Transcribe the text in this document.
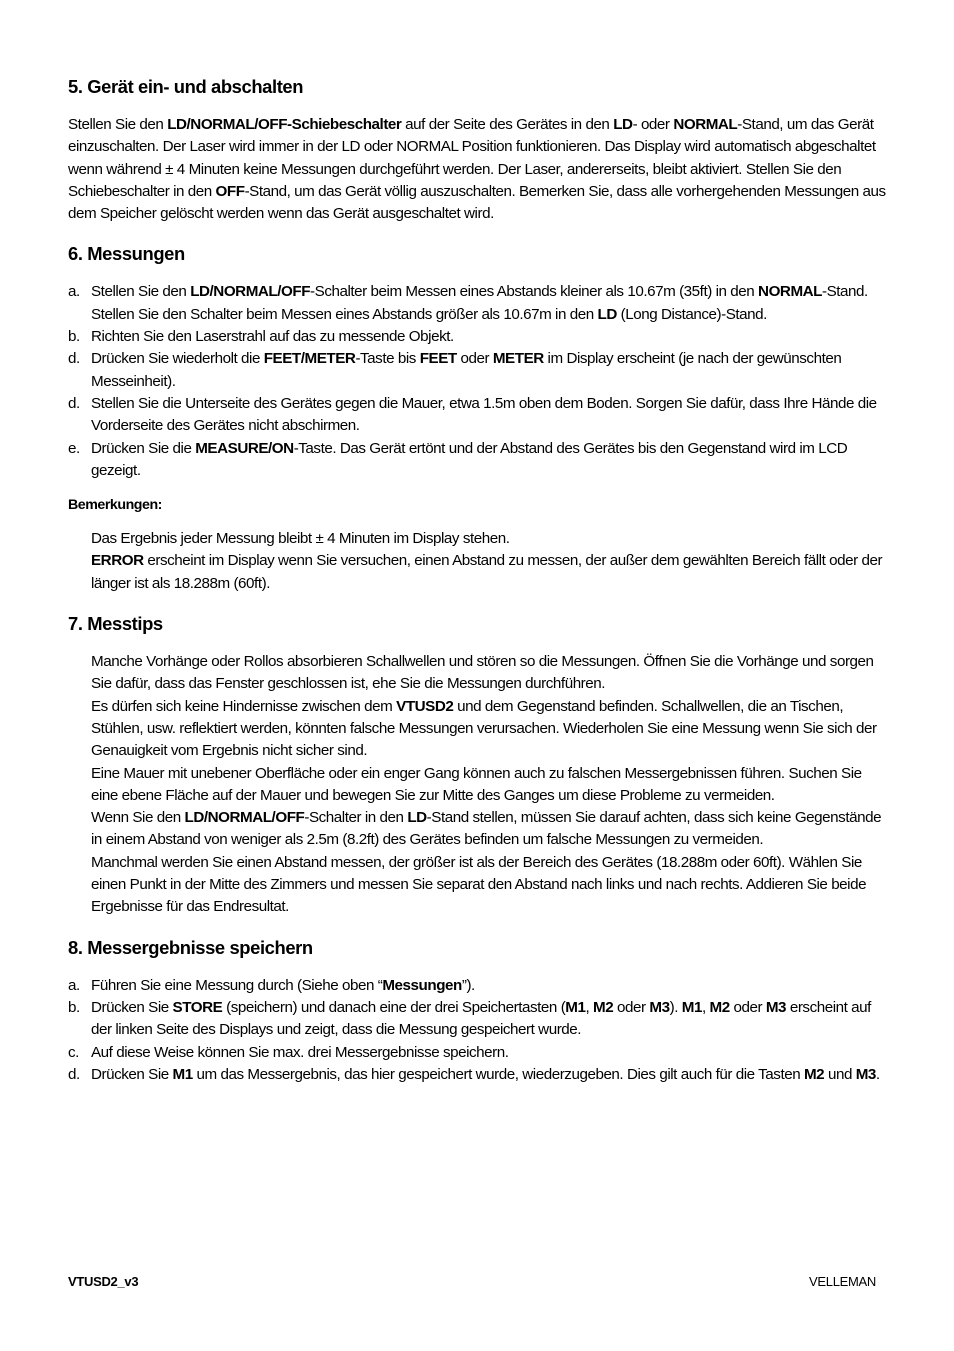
5. Gerät ein- und abschalten

Stellen Sie den LD/NORMAL/OFF-Schiebeschalter auf der Seite des Gerätes in den LD- oder NORMAL-Stand, um das Gerät einzuschalten. Der Laser wird immer in der LD oder NORMAL Position funktionieren. Das Display wird automatisch abgeschaltet wenn während ± 4 Minuten keine Messungen durchgeführt werden. Der Laser, andererseits, bleibt aktiviert. Stellen Sie den Schiebeschalter in den OFF-Stand, um das Gerät völlig auszuschalten. Bemerken Sie, dass alle vorhergehenden Messungen aus dem Speicher gelöscht werden wenn das Gerät ausgeschaltet wird.

6. Messungen
a. Stellen Sie den LD/NORMAL/OFF-Schalter beim Messen eines Abstands kleiner als 10.67m (35ft) in den NORMAL-Stand. Stellen Sie den Schalter beim Messen eines Abstands größer als 10.67m in den LD (Long Distance)-Stand.
b. Richten Sie den Laserstrahl auf das zu messende Objekt.
d. Drücken Sie wiederholt die FEET/METER-Taste bis FEET oder METER im Display erscheint (je nach der gewünschten Messeinheit).
d. Stellen Sie die Unterseite des Gerätes gegen die Mauer, etwa 1.5m oben dem Boden. Sorgen Sie dafür, dass Ihre Hände die Vorderseite des Gerätes nicht abschirmen.
e. Drücken Sie die MEASURE/ON-Taste. Das Gerät ertönt und der Abstand des Gerätes bis den Gegenstand wird im LCD gezeigt.

Bemerkungen:

Das Ergebnis jeder Messung bleibt ± 4 Minuten im Display stehen.

ERROR erscheint im Display wenn Sie versuchen, einen Abstand zu messen, der außer dem gewählten Bereich fällt oder der länger ist als 18.288m (60ft).

7. Messtips

Manche Vorhänge oder Rollos absorbieren Schallwellen und stören so die Messungen. Öffnen Sie die Vorhänge und sorgen Sie dafür, dass das Fenster geschlossen ist, ehe Sie die Messungen durchführen.

Es dürfen sich keine Hindernisse zwischen dem VTUSD2 und dem Gegenstand befinden. Schallwellen, die an Tischen, Stühlen, usw. reflektiert werden, könnten falsche Messungen verursachen. Wiederholen Sie eine Messung wenn Sie sich der Genauigkeit vom Ergebnis nicht sicher sind.

Eine Mauer mit unebener Oberfläche oder ein enger Gang können auch zu falschen Messergebnissen führen. Suchen Sie eine ebene Fläche auf der Mauer und bewegen Sie zur Mitte des Ganges um diese Probleme zu vermeiden.

Wenn Sie den LD/NORMAL/OFF-Schalter in den LD-Stand stellen, müssen Sie darauf achten, dass sich keine Gegenstände in einem Abstand von weniger als 2.5m (8.2ft) des Gerätes befinden um falsche Messungen zu vermeiden.

Manchmal werden Sie einen Abstand messen, der größer ist als der Bereich des Gerätes (18.288m oder 60ft). Wählen Sie einen Punkt in der Mitte des Zimmers und messen Sie separat den Abstand nach links und nach rechts. Addieren Sie beide Ergebnisse für das Endresultat.

8. Messergebnisse speichern
a. Führen Sie eine Messung durch (Siehe oben “Messungen”).
b. Drücken Sie STORE (speichern) und danach eine der drei Speichertasten (M1, M2 oder M3). M1, M2 oder M3 erscheint auf der linken Seite des Displays und zeigt, dass die Messung gespeichert wurde.
c. Auf diese Weise können Sie max. drei Messergebnisse speichern.
d. Drücken Sie M1 um das Messergebnis, das hier gespeichert wurde, wiederzugeben. Dies gilt auch für die Tasten M2 und M3.
VTUSD2_v3	VELLEMAN
